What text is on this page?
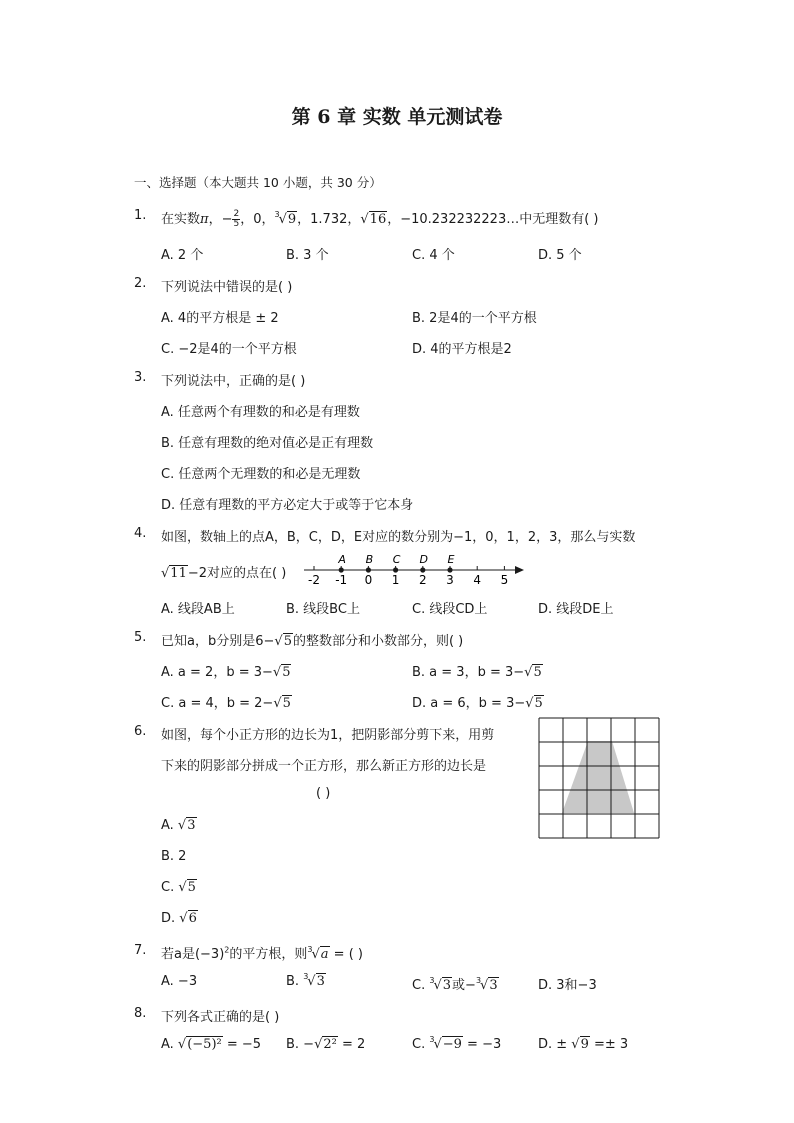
第 6 章 实数 单元测试卷
一、选择题（本大题共 10 小题，共 30 分）
1. 在实数π，− $\frac{2}{5}$ ，0，$^3$√9，1.732，√16，−10.232232223…中无理数有( )
A. 2 个	B. 3 个	C. 4 个	D. 5 个
2. 下列说法中错误的是( )
A. 4的平方根是 ± 2	B. 2是4的一个平方根
C. −2是4的一个平方根	D. 4的平方根是2
3. 下列说法中，正确的是( )
A. 任意两个有理数的和必是有理数
B. 任意有理数的绝对值必是正有理数
C. 任意两个无理数的和必是无理数
D. 任意有理数的平方必定大于或等于它本身
4. 如图，数轴上的点A，B，C，D，E对应的数分别为−1，0，1，2，3，那么与实数
√11−2对应的点在( ) -2 -1 0 1 2 3 4 5
A B C D E
A. 线段AB上	B. 线段BC上	C. 线段CD上	D. 线段DE上
5. 已知a，b分别是6−√5的整数部分和小数部分，则( )
A. a = 2，b = 3−√5	B. a = 3，b = 3−√5
C. a = 4，b = 2−√5	D. a = 6，b = 3−√5
6. 如图，每个小正方形的边长为1，把阴影部分剪下来，用剪
下来的阴影部分拼成一个正方形，那么新正方形的边长是
( )
A. √3
B. 2
C. √5
D. √6
7. 若a是$(-3)^2$的平方根，则$^3$√a = ( )
A. −3	B. $^3$√3	C. $^3$√3或−$^3$√3	D. 3和−3
8. 下列各式正确的是( )
A. √(−5)² = −5 B. −√2² = 2	C. $^3$√−9 = −3	D. ± √9 =± 3
